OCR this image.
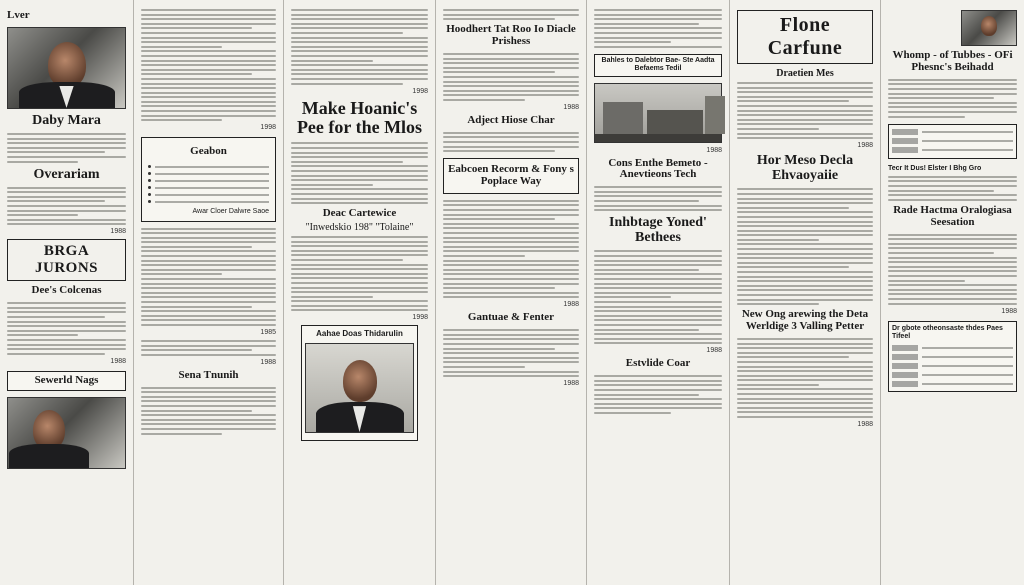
Lver
Daby Mara
Overariam
1988
BRGA JURONS
Dee's Colcenas
1988
Sewerld Nags
1998
Geabon
Awar Cloer Dalwre Saoe
1985
1988
Sena Tnunih
1998
Make Hoanic's Pee for the Mlos
Deac Cartewice
"Inwedskio 198" "Tolaine"
1998
Aahae Doas Thidarulin
Hoodhert Tat Roo Io Diacle Prishess
1988
Adject Hiose Char
Eabcoen Recorm & Fony s Poplace Way
1988
Gantuae & Fenter
1988
Bahles to Dalebtor Bae- Ste Aadta Befaems Tedil
1988
Cons Enthe Bemeto - Anevtieons Tech
Inhbtage Yoned' Bethees
1988
Estvlide Coar
Flone Carfune
Draetien Mes
1988
Hor Meso Decla Ehvaoyaiie
New Ong arewing the Deta Werldige 3 Valling Petter
1988
Whomp - of Tubbes - OFi Phesnc's Beihadd
Tecr It Dus! Elster I Bhg Gro
Rade Hactma Oralogiasa Seesation
1988
Dr gbote otheonsaste thdes Paes Tifeel
